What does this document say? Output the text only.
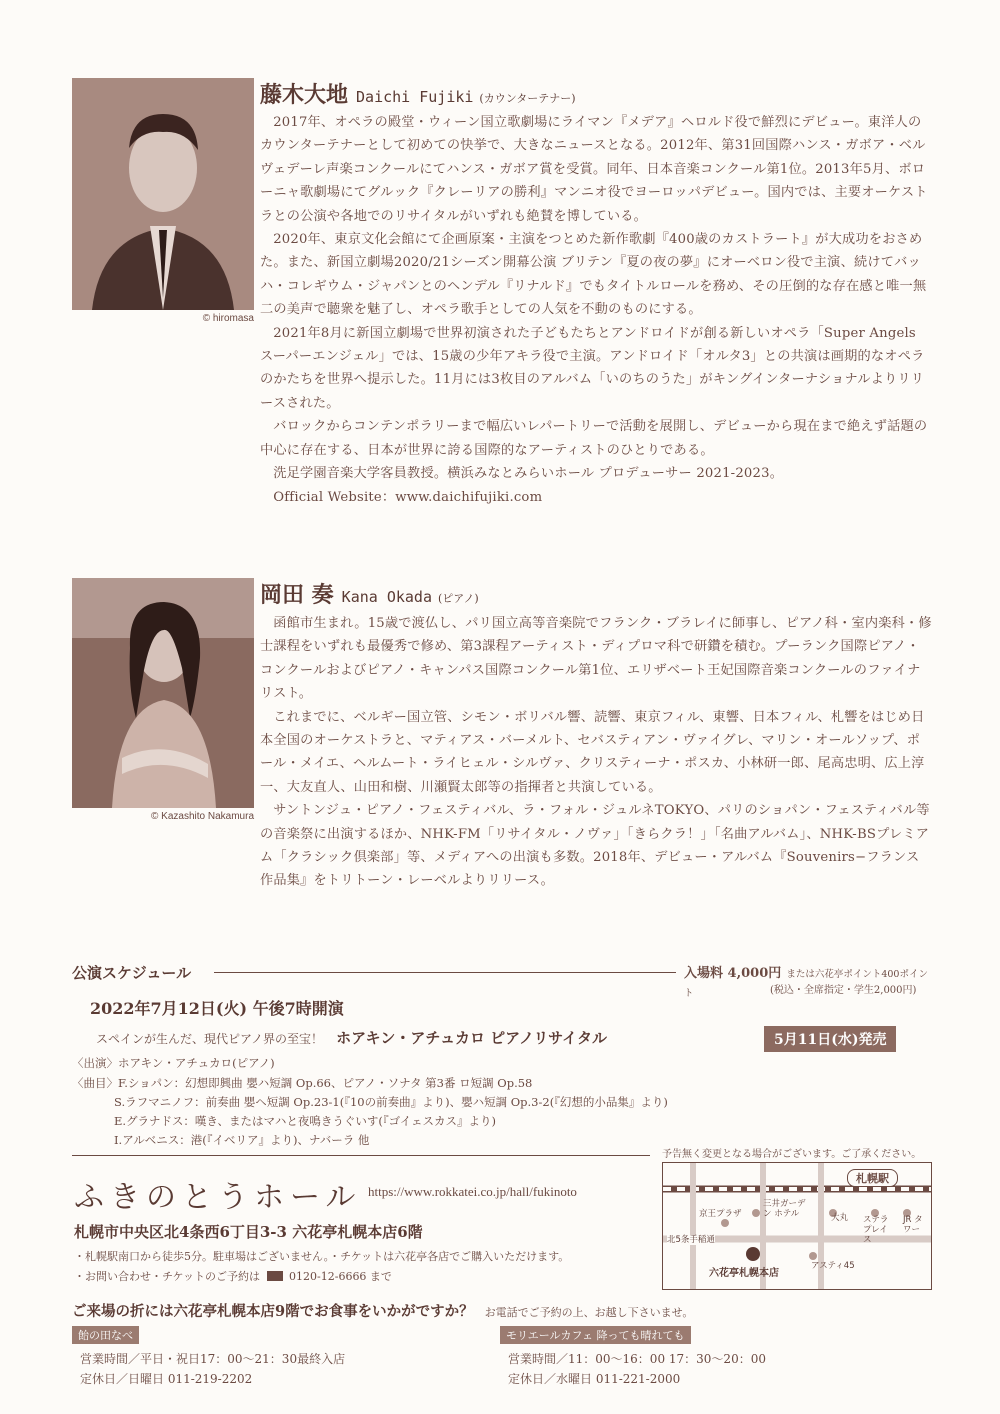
© hiromasa
藤木大地 Daichi Fujiki (カウンターテナー)

2017年、オペラの殿堂・ウィーン国立歌劇場にライマン『メデア』ヘロルド役で鮮烈にデビュー。東洋人のカウンターテナーとして初めての快挙で、大きなニュースとなる。2012年、第31回国際ハンス・ガボア・ベルヴェデーレ声楽コンクールにてハンス・ガボア賞を受賞。同年、日本音楽コンクール第1位。2013年5月、ボローニャ歌劇場にてグルック『クレーリアの勝利』マンニオ役でヨーロッパデビュー。国内では、主要オーケストラとの公演や各地でのリサイタルがいずれも絶賛を博している。

2020年、東京文化会館にて企画原案・主演をつとめた新作歌劇『400歳のカストラート』が大成功をおさめた。また、新国立劇場2020/21シーズン開幕公演 ブリテン『夏の夜の夢』にオーベロン役で主演、続けてバッハ・コレギウム・ジャパンとのヘンデル『リナルド』でもタイトルロールを務め、その圧倒的な存在感と唯一無二の美声で聴衆を魅了し、オペラ歌手としての人気を不動のものにする。

2021年8月に新国立劇場で世界初演された子どもたちとアンドロイドが創る新しいオペラ「Super Angels スーパーエンジェル」では、15歳の少年アキラ役で主演。アンドロイド「オルタ3」との共演は画期的なオペラのかたちを世界へ提示した。11月には3枚目のアルバム「いのちのうた」がキングインターナショナルよりリリースされた。

バロックからコンテンポラリーまで幅広いレパートリーで活動を展開し、デビューから現在まで絶えず話題の中心に存在する、日本が世界に誇る国際的なアーティストのひとりである。

洗足学園音楽大学客員教授。横浜みなとみらいホール プロデューサー 2021-2023。

Official Website：www.daichifujiki.com

© Kazashito Nakamura
岡田 奏 Kana Okada (ピアノ)

函館市生まれ。15歳で渡仏し、パリ国立高等音楽院でフランク・ブラレイに師事し、ピアノ科・室内楽科・修士課程をいずれも最優秀で修め、第3課程アーティスト・ディプロマ科で研鑽を積む。プーランク国際ピアノ・コンクールおよびピアノ・キャンパス国際コンクール第1位、エリザベート王妃国際音楽コンクールのファイナリスト。

これまでに、ベルギー国立管、シモン・ボリバル響、読響、東京フィル、東響、日本フィル、札響をはじめ日本全国のオーケストラと、マティアス・バーメルト、セバスティアン・ヴァイグレ、マリン・オールソップ、ポール・メイエ、ヘルムート・ライヒェル・シルヴァ、クリスティーナ・ポスカ、小林研一郎、尾高忠明、広上淳一、大友直人、山田和樹、川瀬賢太郎等の指揮者と共演している。

サントンジュ・ピアノ・フェスティバル、ラ・フォル・ジュルネTOKYO、パリのショパン・フェスティバル等の音楽祭に出演するほか、NHK-FM「リサイタル・ノヴァ」「きらクラ！」「名曲アルバム」、NHK-BSプレミアム「クラシック倶楽部」等、メディアへの出演も多数。2018年、デビュー・アルバム『Souvenirs−フランス作品集』をトリトーン・レーベルよりリリース。

公演スケジュール	入場料 4,000円 または六花亭ポイント400ポイント	(税込・全席指定・学生2,000円)
2022年7月12日(火) 午後7時開演
スペインが生んだ、現代ピアノ界の至宝！ ホアキン・アチュカロ ピアノリサイタル	5月11日(水)発売
〈出演〉ホアキン・アチュカロ(ピアノ)
〈曲目〉F.ショパン：幻想即興曲 嬰ハ短調 Op.66、ピアノ・ソナタ 第3番 ロ短調 Op.58
S.ラフマニノフ：前奏曲 嬰ヘ短調 Op.23-1(『10の前奏曲』より)、嬰ハ短調 Op.3-2(『幻想的小品集』より)
E.グラナドス：嘆き、またはマハと夜鳴きうぐいす(『ゴイェスカス』より)
I.アルベニス：港(『イベリア』より)、ナバーラ 他
ふきのとうホール https://www.rokkatei.co.jp/hall/fukinoto
札幌市中央区北4条西6丁目3-3 六花亭札幌本店6階
・札幌駅南口から徒歩5分。駐車場はございません。・チケットは六花亭各店でご購入いただけます。
・お問い合わせ・チケットのご予約は	0120-12-6666 まで
予告無く変更となる場合がございます。ご了承ください。
札幌駅
京王プラザ
三井ガーデン ホテル	大丸 ステラ プレイス
JR タワー
北5条手稲通
アスティ45
六花亭札幌本店
ご来場の折には六花亭札幌本店9階でお食事をいかがですか？ お電話でご予約の上、お越し下さいませ。
飴の田なべ
営業時間／平日・祝日17：00〜21：30最終入店
定休日／日曜日 011-219-2202
モリエールカフェ 降っても晴れても
営業時間／11：00〜16：00 17：30〜20：00
定休日／水曜日 011-221-2000
